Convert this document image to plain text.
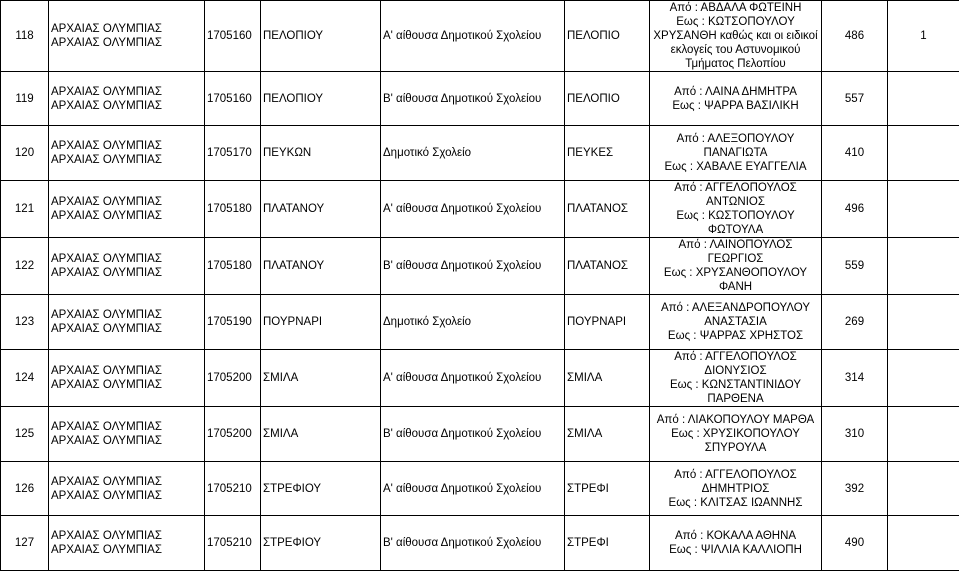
118	ΑΡΧΑΙΑΣ ΟΛΥΜΠΙΑΣ
ΑΡΧΑΙΑΣ ΟΛΥΜΠΙΑΣ	1705160	ΠΕΛΟΠΙΟΥ	Α' αίθουσα Δημοτικού Σχολείου	ΠΕΛΟΠΙΟ	Από : ΑΒΔΑΛΑ ΦΩΤΕΙΝΗ
Εως : ΚΩΤΣΟΠΟΥΛΟΥ
ΧΡΥΣΑΝΘΗ καθώς και οι ειδικοί
εκλογείς του Αστυνομικού
Τμήματος Πελοπίου	486	1
119	ΑΡΧΑΙΑΣ ΟΛΥΜΠΙΑΣ
ΑΡΧΑΙΑΣ ΟΛΥΜΠΙΑΣ	1705160	ΠΕΛΟΠΙΟΥ	Β' αίθουσα Δημοτικού Σχολείου	ΠΕΛΟΠΙΟ	Από : ΛΑΙΝΑ ΔΗΜΗΤΡΑ
Εως : ΨΑΡΡΑ ΒΑΣΙΛΙΚΗ	557	
120	ΑΡΧΑΙΑΣ ΟΛΥΜΠΙΑΣ
ΑΡΧΑΙΑΣ ΟΛΥΜΠΙΑΣ	1705170	ΠΕΥΚΩΝ	Δημοτικό Σχολείο	ΠΕΥΚΕΣ	Από : ΑΛΕΞΟΠΟΥΛΟΥ
ΠΑΝΑΓΙΩΤΑ
Εως : ΧΑΒΑΛΕ ΕΥΑΓΓΕΛΙΑ	410	
121	ΑΡΧΑΙΑΣ ΟΛΥΜΠΙΑΣ
ΑΡΧΑΙΑΣ ΟΛΥΜΠΙΑΣ	1705180	ΠΛΑΤΑΝΟΥ	Α' αίθουσα Δημοτικού Σχολείου	ΠΛΑΤΑΝΟΣ	Από : ΑΓΓΕΛΟΠΟΥΛΟΣ
ΑΝΤΩΝΙΟΣ
Εως : ΚΩΣΤΟΠΟΥΛΟΥ
ΦΩΤΟΥΛΑ	496	
122	ΑΡΧΑΙΑΣ ΟΛΥΜΠΙΑΣ
ΑΡΧΑΙΑΣ ΟΛΥΜΠΙΑΣ	1705180	ΠΛΑΤΑΝΟΥ	Β' αίθουσα Δημοτικού Σχολείου	ΠΛΑΤΑΝΟΣ	Από : ΛΑΙΝΟΠΟΥΛΟΣ
ΓΕΩΡΓΙΟΣ
Εως : ΧΡΥΣΑΝΘΟΠΟΥΛΟΥ
ΦΑΝΗ	559	
123	ΑΡΧΑΙΑΣ ΟΛΥΜΠΙΑΣ
ΑΡΧΑΙΑΣ ΟΛΥΜΠΙΑΣ	1705190	ΠΟΥΡΝΑΡΙ	Δημοτικό Σχολείο	ΠΟΥΡΝΑΡΙ	Από : ΑΛΕΞΑΝΔΡΟΠΟΥΛΟΥ
ΑΝΑΣΤΑΣΙΑ
Εως : ΨΑΡΡΑΣ ΧΡΗΣΤΟΣ	269	
124	ΑΡΧΑΙΑΣ ΟΛΥΜΠΙΑΣ
ΑΡΧΑΙΑΣ ΟΛΥΜΠΙΑΣ	1705200	ΣΜΙΛΑ	Α' αίθουσα Δημοτικού Σχολείου	ΣΜΙΛΑ	Από : ΑΓΓΕΛΟΠΟΥΛΟΣ
ΔΙΟΝΥΣΙΟΣ
Εως : ΚΩΝΣΤΑΝΤΙΝΙΔΟΥ
ΠΑΡΘΕΝΑ	314	
125	ΑΡΧΑΙΑΣ ΟΛΥΜΠΙΑΣ
ΑΡΧΑΙΑΣ ΟΛΥΜΠΙΑΣ	1705200	ΣΜΙΛΑ	Β' αίθουσα Δημοτικού Σχολείου	ΣΜΙΛΑ	Από : ΛΙΑΚΟΠΟΥΛΟΥ ΜΑΡΘΑ
Εως : ΧΡΥΣΙΚΟΠΟΥΛΟΥ
ΣΠΥΡΟΥΛΑ	310	
126	ΑΡΧΑΙΑΣ ΟΛΥΜΠΙΑΣ
ΑΡΧΑΙΑΣ ΟΛΥΜΠΙΑΣ	1705210	ΣΤΡΕΦΙΟΥ	Α' αίθουσα Δημοτικού Σχολείου	ΣΤΡΕΦΙ	Από : ΑΓΓΕΛΟΠΟΥΛΟΣ
ΔΗΜΗΤΡΙΟΣ
Εως : ΚΛΙΤΣΑΣ ΙΩΑΝΝΗΣ	392	
127	ΑΡΧΑΙΑΣ ΟΛΥΜΠΙΑΣ
ΑΡΧΑΙΑΣ ΟΛΥΜΠΙΑΣ	1705210	ΣΤΡΕΦΙΟΥ	Β' αίθουσα Δημοτικού Σχολείου	ΣΤΡΕΦΙ	Από : ΚΟΚΑΛΑ ΑΘΗΝΑ
Εως : ΨΙΛΛΙΑ ΚΑΛΛΙΟΠΗ	490	
